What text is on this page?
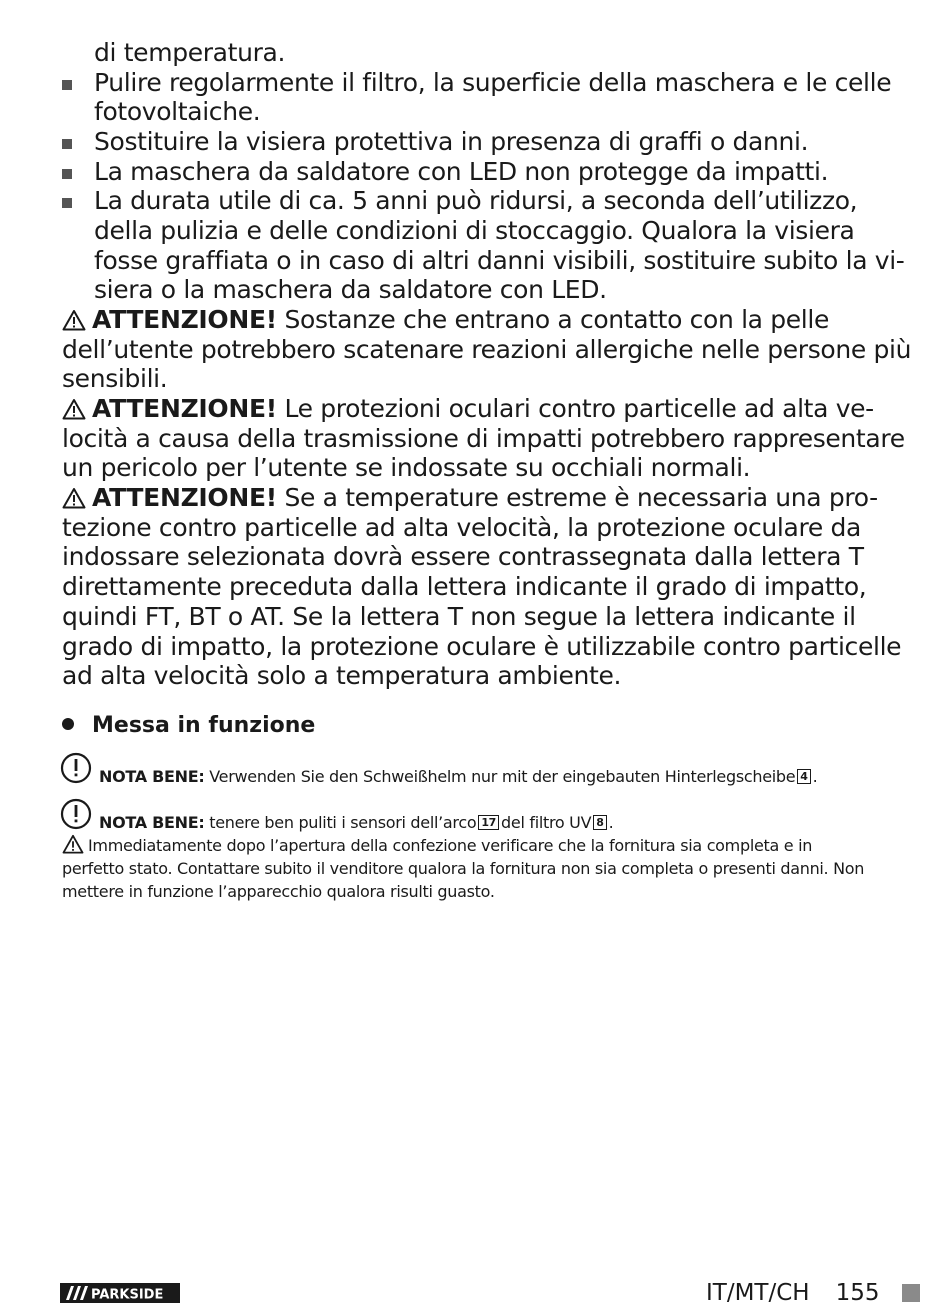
di temperatura.
Pulire regolarmente il filtro, la superficie della maschera e le celle
fotovoltaiche.
Sostituire la visiera protettiva in presenza di graffi o danni.
La maschera da saldatore con LED non protegge da impatti.
La durata utile di ca. 5 anni può ridursi, a seconda dell’utilizzo,
della pulizia e delle condizioni di stoccaggio. Qualora la visiera
fosse graffiata o in caso di altri danni visibili, sostituire subito la vi-
siera o la maschera da saldatore con LED.
ATTENZIONE! Sostanze che entrano a contatto con la pelle
dell’utente potrebbero scatenare reazioni allergiche nelle persone più
sensibili.
ATTENZIONE! Le protezioni oculari contro particelle ad alta ve-
locità a causa della trasmissione di impatti potrebbero rappresentare
un pericolo per l’utente se indossate su occhiali normali.
ATTENZIONE! Se a temperature estreme è necessaria una pro-
tezione contro particelle ad alta velocità, la protezione oculare da
indossare selezionata dovrà essere contrassegnata dalla lettera T
direttamente preceduta dalla lettera indicante il grado di impatto,
quindi FT, BT o AT. Se la lettera T non segue la lettera indicante il
grado di impatto, la protezione oculare è utilizzabile contro particelle
ad alta velocità solo a temperatura ambiente.
Messa in funzione
NOTA BENE: Verwenden Sie den Schweißhelm nur mit der eingebauten Hinterlegscheibe 4 .
NOTA BENE: tenere ben puliti i sensori dell’arco 17 del filtro UV 8 .
Immediatamente dopo l’apertura della confezione verificare che la fornitura sia completa e in
perfetto stato. Contattare subito il venditore qualora la fornitura non sia completa o presenti danni. Non
mettere in funzione l’apparecchio qualora risulti guasto.
PARKSIDE	IT/MT/CH 155
